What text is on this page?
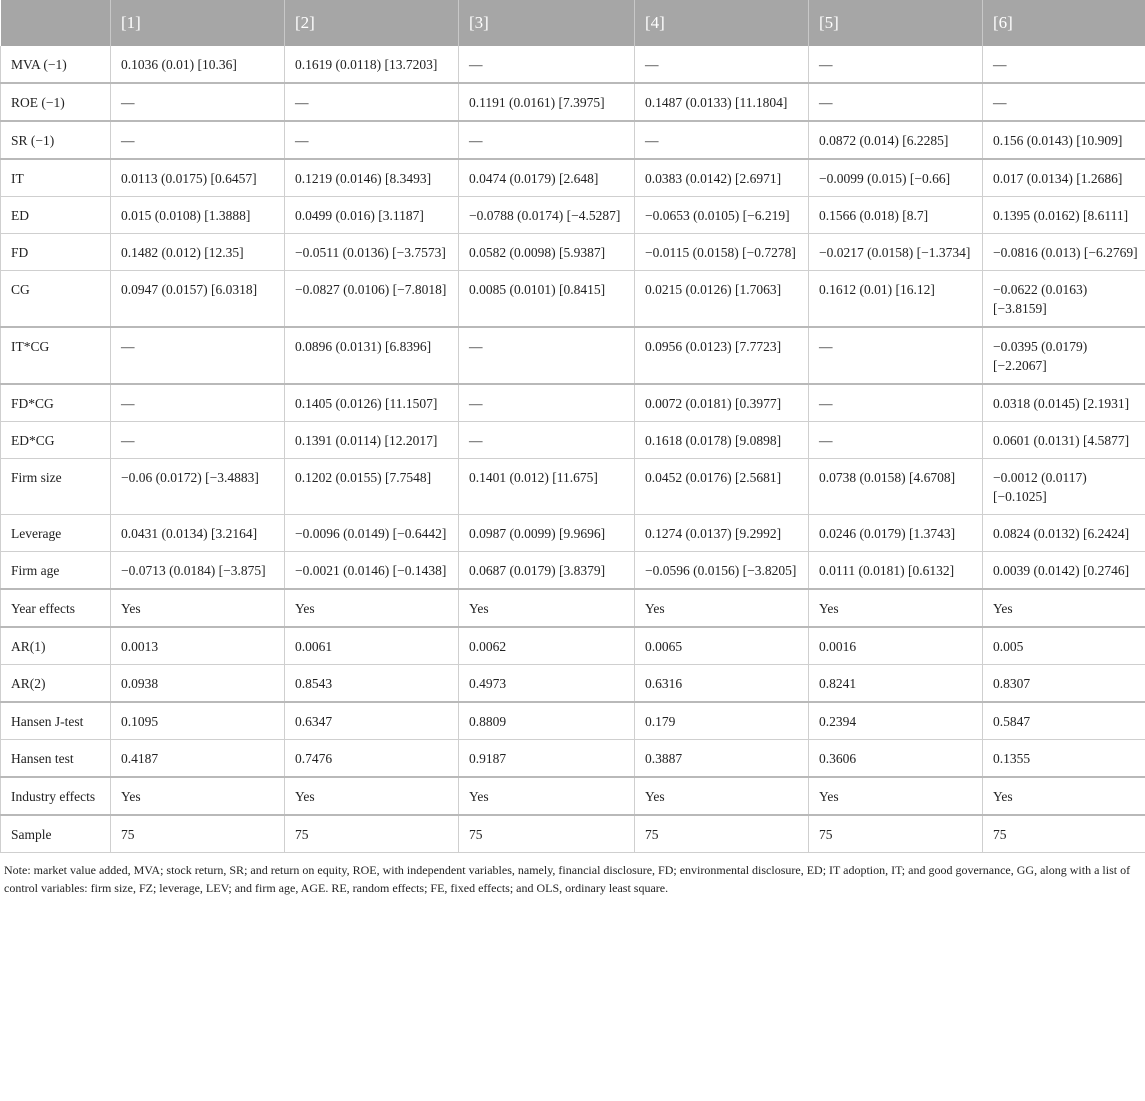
	[1]	[2]	[3]	[4]	[5]	[6]
MVA (−1)	0.1036 (0.01) [10.36]	0.1619 (0.0118) [13.7203]	—	—	—	—
ROE (−1)	—	—	0.1191 (0.0161) [7.3975]	0.1487 (0.0133) [11.1804]	—	—
SR (−1)	—	—	—	—	0.0872 (0.014) [6.2285]	0.156 (0.0143) [10.909]
IT	0.0113 (0.0175) [0.6457]	0.1219 (0.0146) [8.3493]	0.0474 (0.0179) [2.648]	0.0383 (0.0142) [2.6971]	−0.0099 (0.015) [−0.66]	0.017 (0.0134) [1.2686]
ED	0.015 (0.0108) [1.3888]	0.0499 (0.016) [3.1187]	−0.0788 (0.0174) [−4.5287]	−0.0653 (0.0105) [−6.219]	0.1566 (0.018) [8.7]	0.1395 (0.0162) [8.6111]
FD	0.1482 (0.012) [12.35]	−0.0511 (0.0136) [−3.7573]	0.0582 (0.0098) [5.9387]	−0.0115 (0.0158) [−0.7278]	−0.0217 (0.0158) [−1.3734]	−0.0816 (0.013) [−6.2769]
CG	0.0947 (0.0157) [6.0318]	−0.0827 (0.0106) [−7.8018]	0.0085 (0.0101) [0.8415]	0.0215 (0.0126) [1.7063]	0.1612 (0.01) [16.12]	−0.0622 (0.0163) [−3.8159]
IT*CG	—	0.0896 (0.0131) [6.8396]	—	0.0956 (0.0123) [7.7723]	—	−0.0395 (0.0179) [−2.2067]
FD*CG	—	0.1405 (0.0126) [11.1507]	—	0.0072 (0.0181) [0.3977]	—	0.0318 (0.0145) [2.1931]
ED*CG	—	0.1391 (0.0114) [12.2017]	—	0.1618 (0.0178) [9.0898]	—	0.0601 (0.0131) [4.5877]
Firm size	−0.06 (0.0172) [−3.4883]	0.1202 (0.0155) [7.7548]	0.1401 (0.012) [11.675]	0.0452 (0.0176) [2.5681]	0.0738 (0.0158) [4.6708]	−0.0012 (0.0117) [−0.1025]
Leverage	0.0431 (0.0134) [3.2164]	−0.0096 (0.0149) [−0.6442]	0.0987 (0.0099) [9.9696]	0.1274 (0.0137) [9.2992]	0.0246 (0.0179) [1.3743]	0.0824 (0.0132) [6.2424]
Firm age	−0.0713 (0.0184) [−3.875]	−0.0021 (0.0146) [−0.1438]	0.0687 (0.0179) [3.8379]	−0.0596 (0.0156) [−3.8205]	0.0111 (0.0181) [0.6132]	0.0039 (0.0142) [0.2746]
Year effects	Yes	Yes	Yes	Yes	Yes	Yes
AR(1)	0.0013	0.0061	0.0062	0.0065	0.0016	0.005
AR(2)	0.0938	0.8543	0.4973	0.6316	0.8241	0.8307
Hansen J-test	0.1095	0.6347	0.8809	0.179	0.2394	0.5847
Hansen test	0.4187	0.7476	0.9187	0.3887	0.3606	0.1355
Industry effects	Yes	Yes	Yes	Yes	Yes	Yes
Sample	75	75	75	75	75	75
Note: market value added, MVA; stock return, SR; and return on equity, ROE, with independent variables, namely, financial disclosure, FD; environmental disclosure, ED; IT adoption, IT; and good governance, GG, along with a list of control variables: firm size, FZ; leverage, LEV; and firm age, AGE. RE, random effects; FE, fixed effects; and OLS, ordinary least square.
